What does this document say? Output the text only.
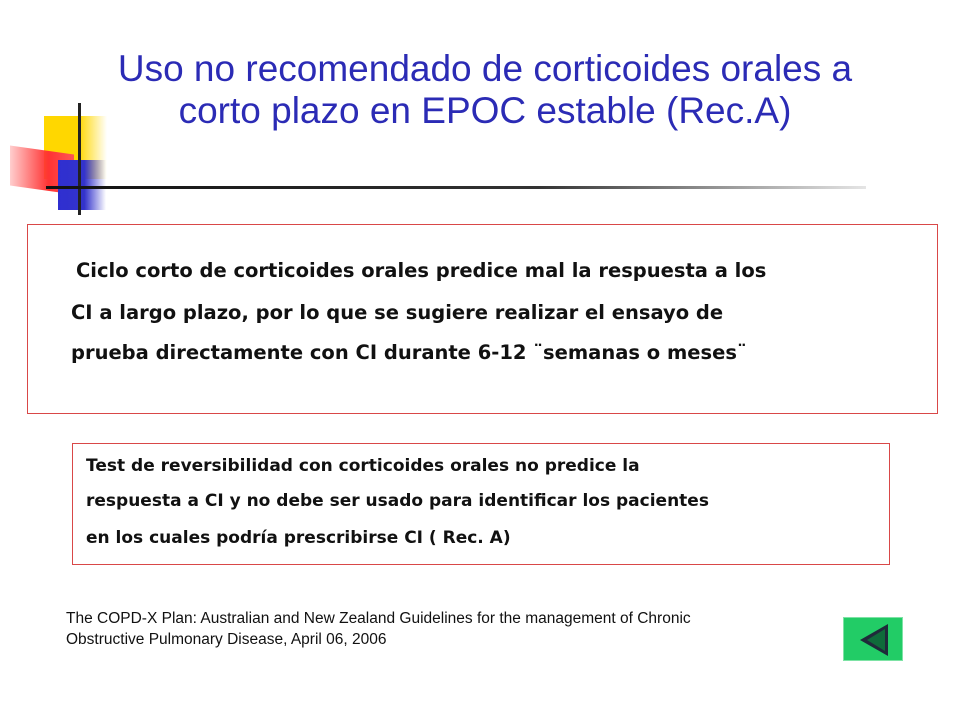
Uso no recomendado de corticoides orales a
corto plazo en EPOC estable (Rec.A)

Ciclo corto de corticoides orales predice mal la respuesta a los

CI a largo plazo, por lo que se sugiere realizar el ensayo de

prueba directamente con CI durante 6-12 ¨semanas o meses¨

Test de reversibilidad con corticoides orales no predice la

respuesta a CI y no debe ser usado para identificar los pacientes

en los cuales podría prescribirse CI ( Rec. A)

The COPD-X Plan: Australian and New Zealand Guidelines for the management of Chronic
Obstructive Pulmonary Disease, April 06, 2006
